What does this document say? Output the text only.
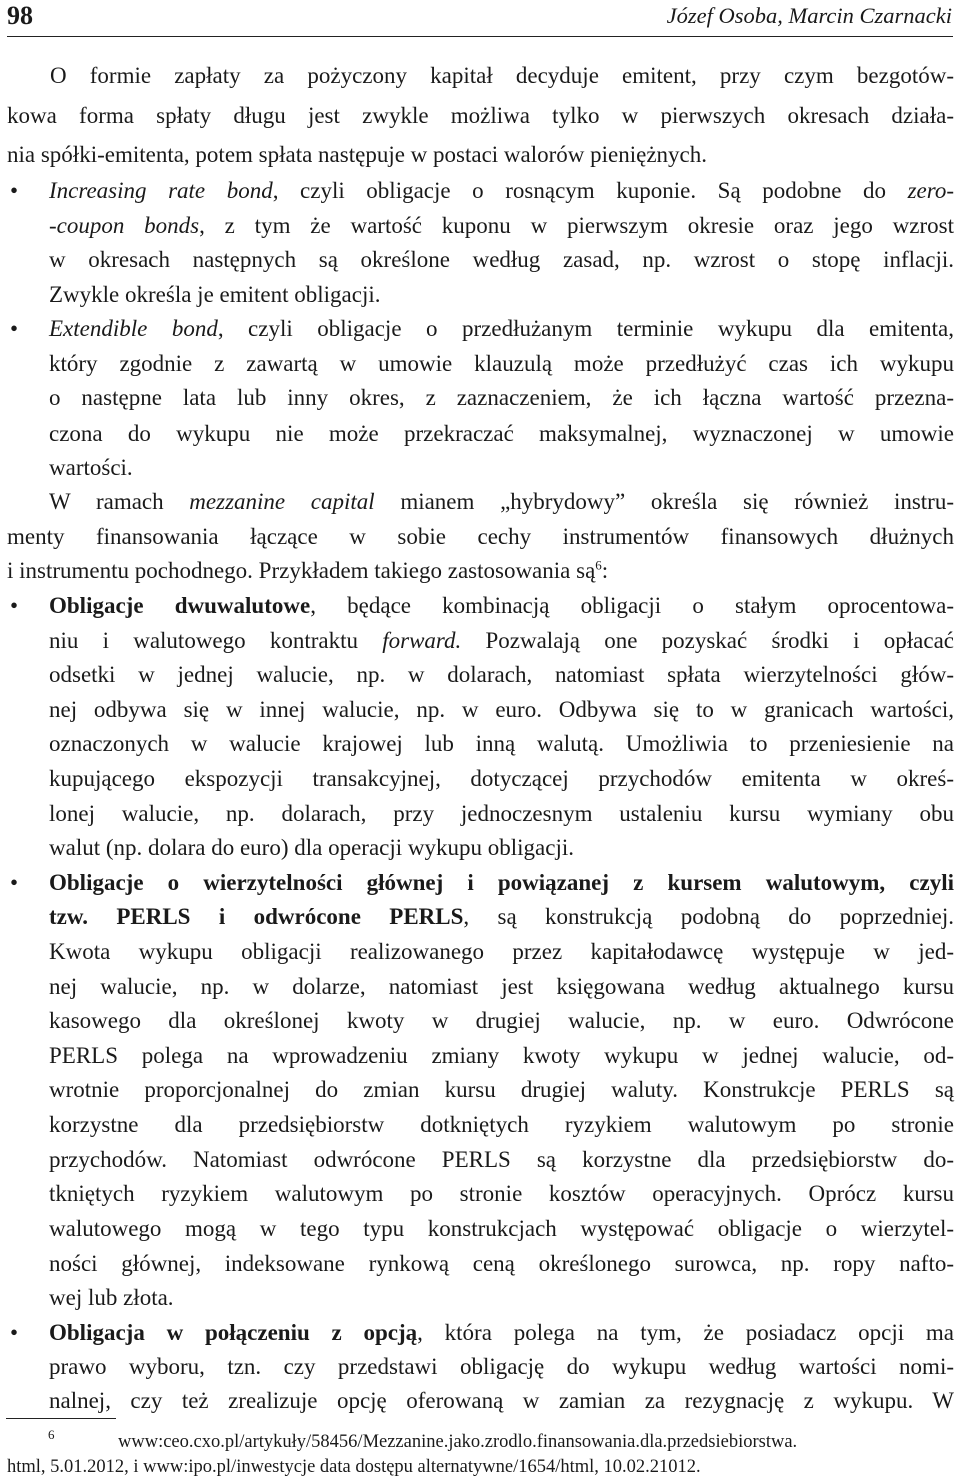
98	Józef Osoba, Marcin Czarnacki
O formie zapłaty za pożyczony kapitał decyduje emitent, przy czym bezgotów-
kowa forma spłaty długu jest zwykle możliwa tylko w pierwszych okresach działa-
nia spółki-emitenta, potem spłata następuje w postaci walorów pieniężnych.
• Increasing rate bond, czyli obligacje o rosnącym kuponie. Są podobne do zero-
-coupon bonds, z tym że wartość kuponu w pierwszym okresie oraz jego wzrost
w okresach następnych są określone według zasad, np. wzrost o stopę inflacji.
Zwykle określa je emitent obligacji.
• Extendible bond, czyli obligacje o przedłużanym terminie wykupu dla emitenta,
który zgodnie z zawartą w umowie klauzulą może przedłużyć czas ich wykupu
o następne lata lub inny okres, z zaznaczeniem, że ich łączna wartość przezna-
czona do wykupu nie może przekraczać maksymalnej, wyznaczonej w umowie
wartości.
W ramach mezzanine capital mianem „hybrydowy” określa się również instru-
menty finansowania łączące w sobie cechy instrumentów finansowych dłużnych
i instrumentu pochodnego. Przykładem takiego zastosowania $są^6$:
• Obligacje dwuwalutowe, będące kombinacją obligacji o stałym oprocentowa-
niu i walutowego kontraktu forward. Pozwalają one pozyskać środki i opłacać
odsetki w jednej walucie, np. w dolarach, natomiast spłata wierzytelności głów-
nej odbywa się w innej walucie, np. w euro. Odbywa się to w granicach wartości,
oznaczonych w walucie krajowej lub inną walutą. Umożliwia to przeniesienie na
kupującego ekspozycji transakcyjnej, dotyczącej przychodów emitenta w okreś-
lonej walucie, np. dolarach, przy jednoczesnym ustaleniu kursu wymiany obu
walut (np. dolara do euro) dla operacji wykupu obligacji.
• Obligacje o wierzytelności głównej i powiązanej z kursem walutowym, czyli
tzw. PERLS i odwrócone PERLS, są konstrukcją podobną do poprzedniej.
Kwota wykupu obligacji realizowanego przez kapitałodawcę występuje w jed-
nej walucie, np. w dolarze, natomiast jest księgowana według aktualnego kursu
kasowego dla określonej kwoty w drugiej walucie, np. w euro. Odwrócone
PERLS polega na wprowadzeniu zmiany kwoty wykupu w jednej walucie, od-
wrotnie proporcjonalnej do zmian kursu drugiej waluty. Konstrukcje PERLS są
korzystne dla przedsiębiorstw dotkniętych ryzykiem walutowym po stronie
przychodów. Natomiast odwrócone PERLS są korzystne dla przedsiębiorstw do-
tkniętych ryzykiem walutowym po stronie kosztów operacyjnych. Oprócz kursu
walutowego mogą w tego typu konstrukcjach występować obligacje o wierzytel-
ności głównej, indeksowane rynkową ceną określonego surowca, np. ropy nafto-
wej lub złota.
• Obligacja w połączeniu z opcją, która polega na tym, że posiadacz opcji ma
prawo wyboru, tzn. czy przedstawi obligację do wykupu według wartości nomi-
nalnej, czy też zrealizuje opcję oferowaną w zamian za rezygnację z wykupu. W
6	www:ceo.cxo.pl/artykuły/58456/Mezzanine.jako.zrodlo.finansowania.dla.przedsiebiorstwa.
html, 5.01.2012, i www:ipo.pl/inwestycje data dostępu alternatywne/1654/html, 10.02.21012.
